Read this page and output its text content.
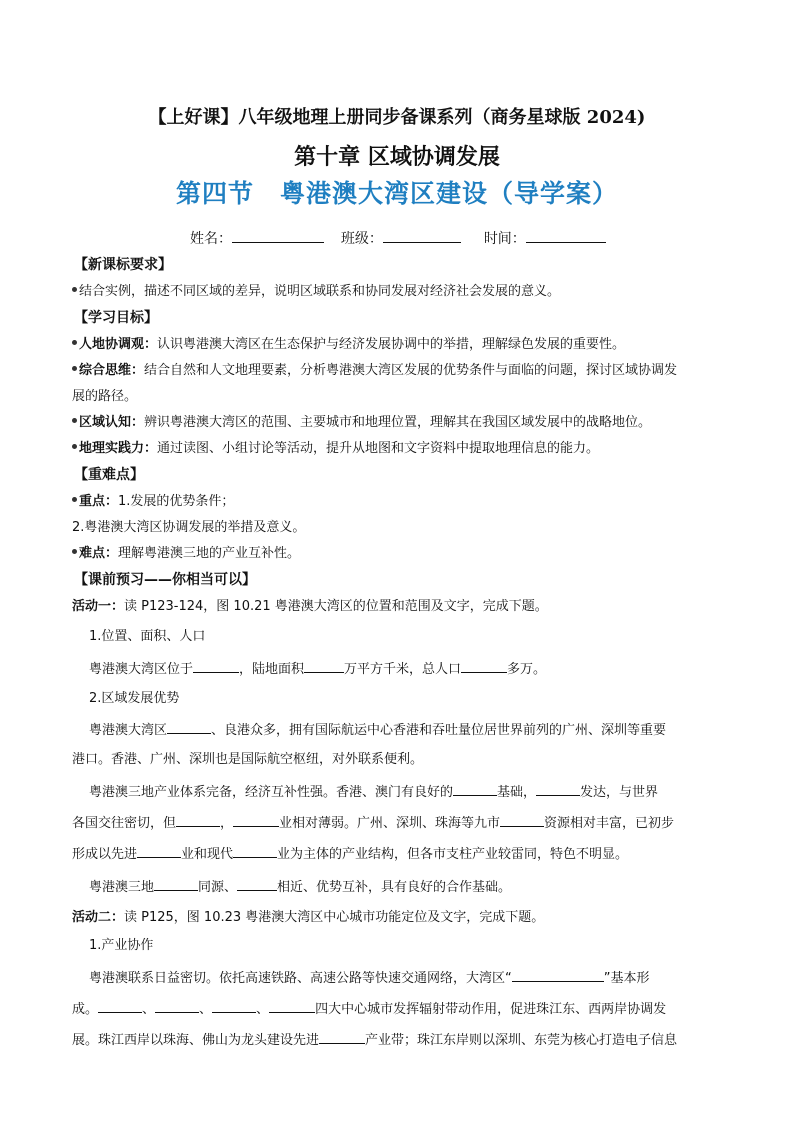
【上好课】八年级地理上册同步备课系列（商务星球版 2024)
第十章 区域协调发展
第四节　粤港澳大湾区建设（导学案）
姓名：	班级：	时间：
【新课标要求】
结合实例，描述不同区域的差异，说明区域联系和协同发展对经济社会发展的意义。
【学习目标】
人地协调观：认识粤港澳大湾区在生态保护与经济发展协调中的举措，理解绿色发展的重要性。
综合思维：结合自然和人文地理要素，分析粤港澳大湾区发展的优势条件与面临的问题，探讨区域协调发
展的路径。
区域认知：辨识粤港澳大湾区的范围、主要城市和地理位置，理解其在我国区域发展中的战略地位。
地理实践力：通过读图、小组讨论等活动，提升从地图和文字资料中提取地理信息的能力。
【重难点】
重点：1.发展的优势条件；
2.粤港澳大湾区协调发展的举措及意义。
难点：理解粤港澳三地的产业互补性。
【课前预习——你相当可以】
活动一：读 P123-124，图 10.21 粤港澳大湾区的位置和范围及文字，完成下题。
1.位置、面积、人口
粤港澳大湾区位于	，陆地面积	万平方千米，总人口	多万。
2.区域发展优势
粤港澳大湾区	、良港众多，拥有国际航运中心香港和吞吐量位居世界前列的广州、深圳等重要
港口。香港、广州、深圳也是国际航空枢纽，对外联系便利。
粤港澳三地产业体系完备，经济互补性强。香港、澳门有良好的	基础，	发达，与世界
各国交往密切，但	，	业相对薄弱。广州、深圳、珠海等九市	资源相对丰富，已初步
形成以先进	业和现代	业为主体的产业结构，但各市支柱产业较雷同，特色不明显。
粤港澳三地	同源、	相近、优势互补，具有良好的合作基础。
活动二：读 P125，图 10.23 粤港澳大湾区中心城市功能定位及文字，完成下题。
1.产业协作
粤港澳联系日益密切。依托高速铁路、高速公路等快速交通网络，大湾区“	”基本形
成。	、	、	、	四大中心城市发挥辐射带动作用，促进珠江东、西两岸协调发
展。珠江西岸以珠海、佛山为龙头建设先进	产业带；珠江东岸则以深圳、东莞为核心打造电子信息
